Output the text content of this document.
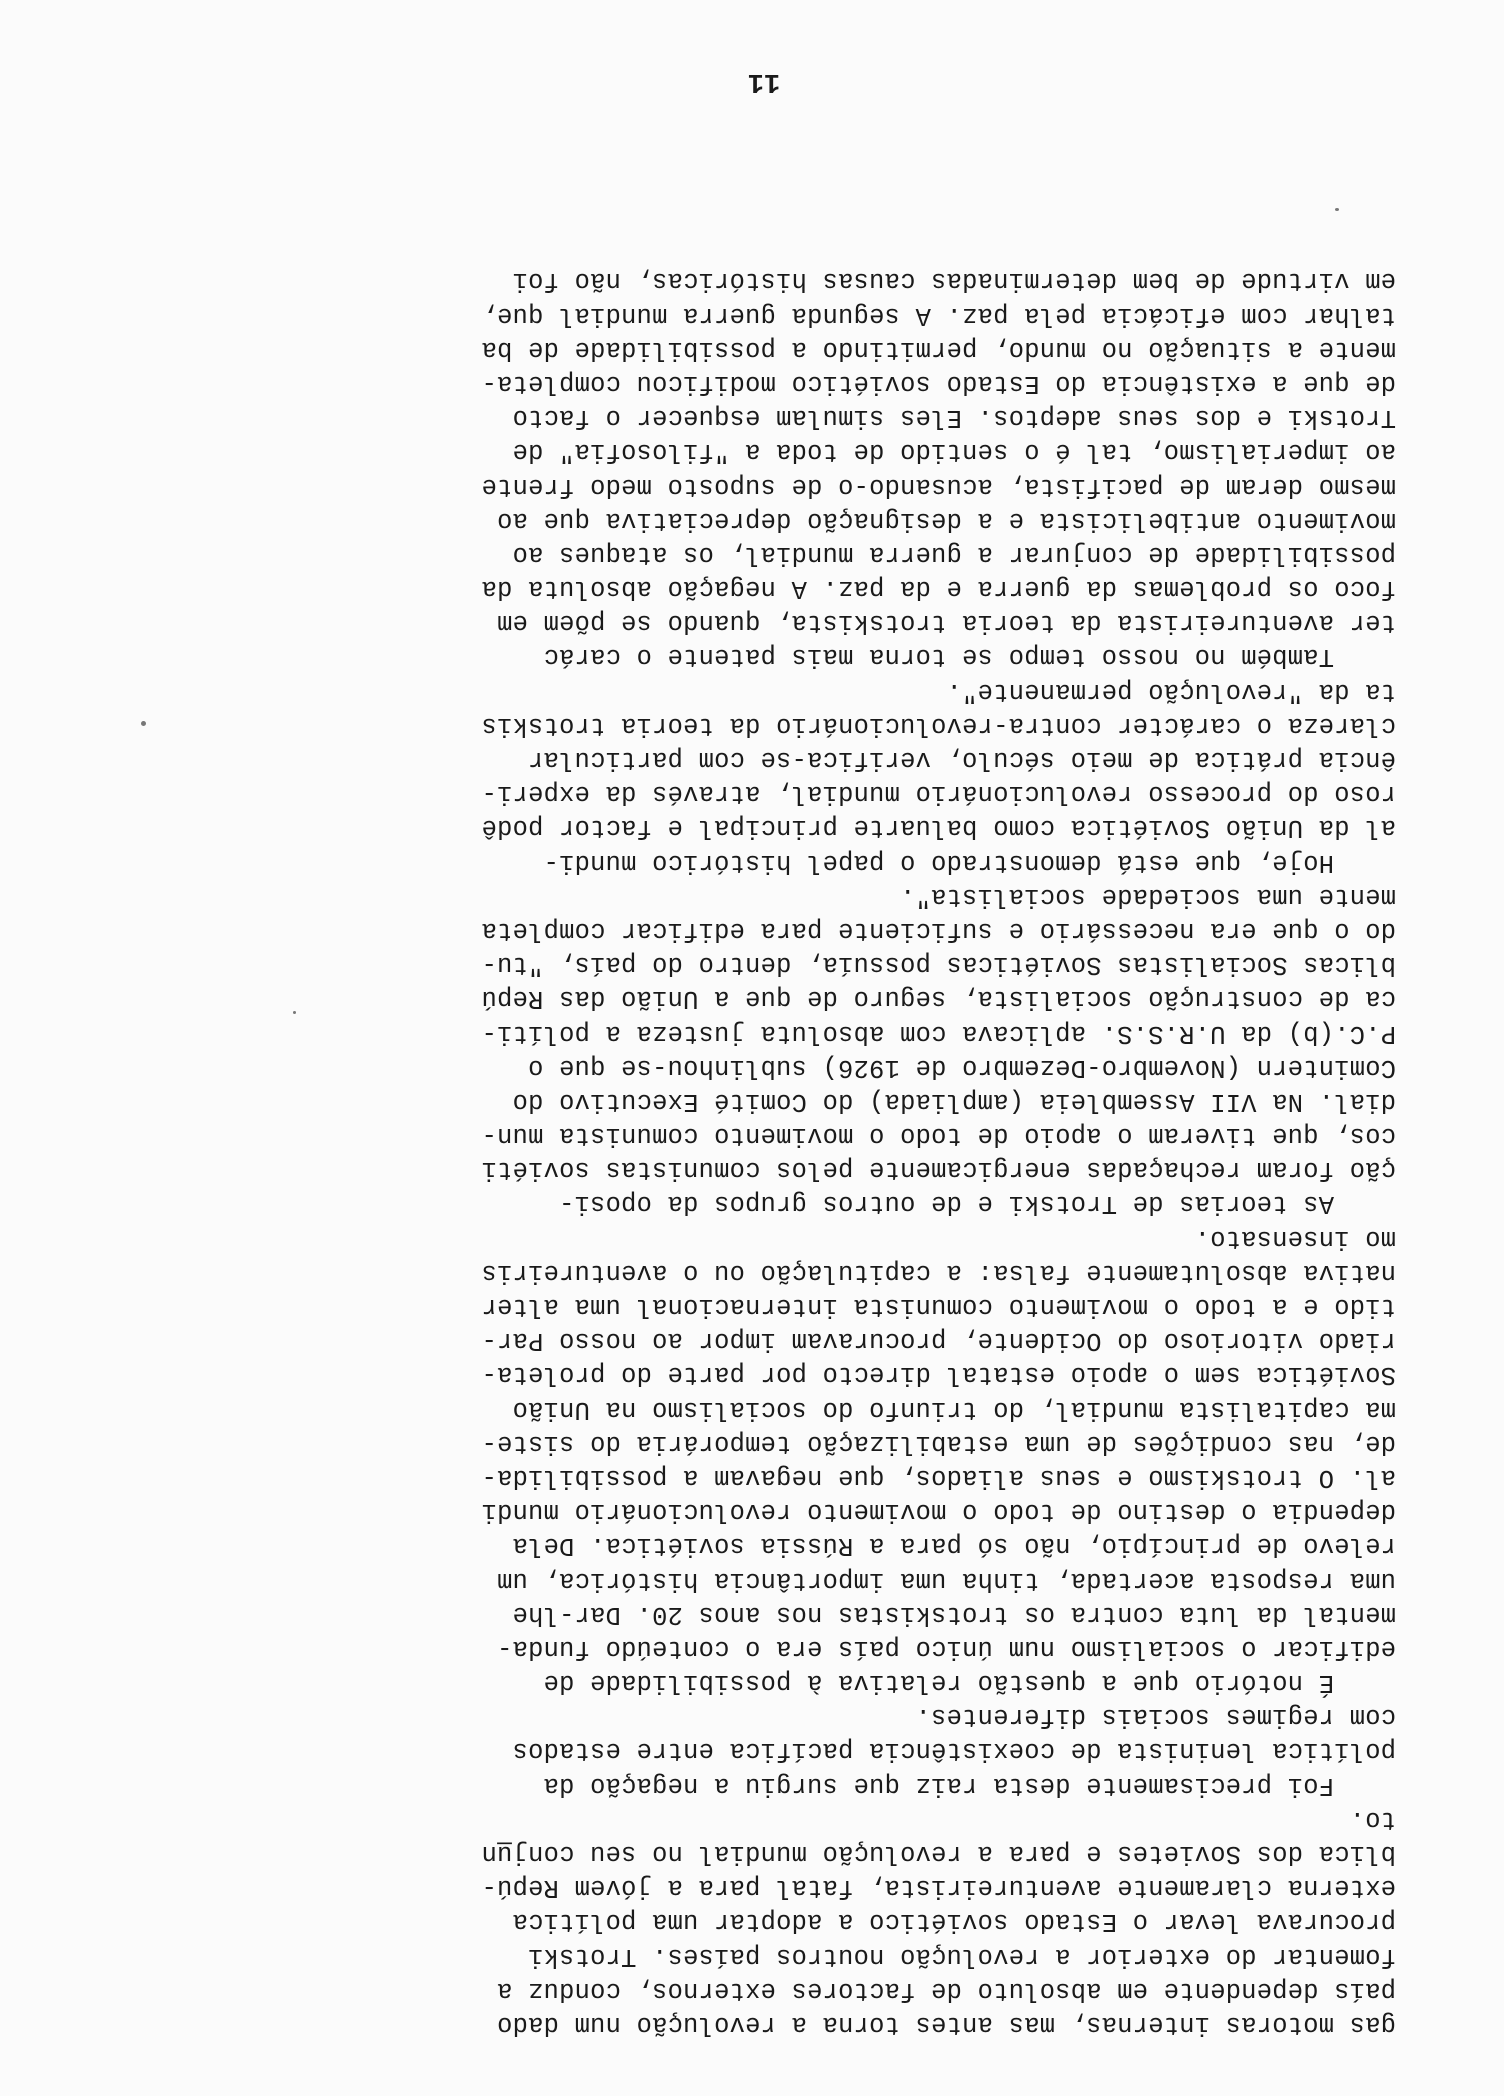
gas motoras internas, mas antes torna a revolução num dado
país dependente em absoluto de factores externos, conduz a
fomentar do exterior a revolução noutros países. Trotski
procurava levar o Estado soviético a adoptar uma política
externa claramente aventureirista, fatal para a jóvem Repú-
blica dos Sovietes e para a revolução mundial no seu conju̲n
to.
Foi precisamente desta raiz que surgiu a negação da
política leninista de coexistência pacífica entre estados
com regimes sociais diferentes.
É notório que a questão relativa à possibilidade de
edificar o socialismo num único país era o conteúdo funda-
mental da luta contra os trotskistas nos anos 20. Dar-lhe
uma resposta acertada, tinha uma importância histórica, um
relevo de princípio, não só para a Rússia soviética. Dela
dependia o destino de todo o movimento revolucionário mundi
al. O trotskismo e seus aliados, que negavam a possibilida-
de, nas condições de uma estabilização temporária do siste-
ma capitalista mundial, do triunfo do socialismo na União
Soviética sem o apoio estatal directo por parte do proleta-
riado vitorioso do Ocidente, procuravam impor ao nosso Par-
tido e a todo o movimento comunista internacional uma alter
nativa absolutamente falsa: a capitulação ou o aventureiris
mo insensato.
As teorias de Trotski e de outros grupos da oposi-
ção foram rechaçadas energicamente pelos comunistas soviéti
cos, que tiveram o apoio de todo o movimento comunista mun-
dial. Na VII Assembleia (ampliada) do Comité Executivo do
Comintern (Novembro-Dezembro de 1926) sublinhou-se que o
P.C.(b) da U.R.S.S. aplicava com absoluta justeza a políti-
ca de construção socialista, seguro de que a União das Repú
blicas Socialistas Soviéticas possuía, dentro do país, "tu-
do o que era necessário e suficiente para edificar completa
mente uma sociedade socialista".
Hoje, que está demonstrado o papel histórico mundi-
al da União Soviética como baluarte principal e factor podê
roso do processo revolucionário mundial, através da experi-
ência prática de meio século, verifica-se com particular
clareza o carácter contra-revolucionário da teoria trotskis
ta da "revolução permanente".
Também no nosso tempo se torna mais patente o carác
ter aventureirista da teoria trotskista, quando se põem em
foco os problemas da guerra e da paz. A negação absoluta da
possibilidade de conjurar a guerra mundial, os ataques ao
movimento antibelicista e a designação depreciativa que ao
mesmo deram de pacifista, acusando-o de suposto medo frente
ao imperialismo, tal é o sentido de toda a "filosofia" de
Trotski e dos seus adeptos. Eles simulam esquecer o facto
de que a existência do Estado soviético modificou completa-
mente a situação no mundo, permitindo a possibilidade de ba
talhar com eficácia pela paz. A segunda guerra mundial que,
em virtude de bem determinadas causas históricas, não foi
11
